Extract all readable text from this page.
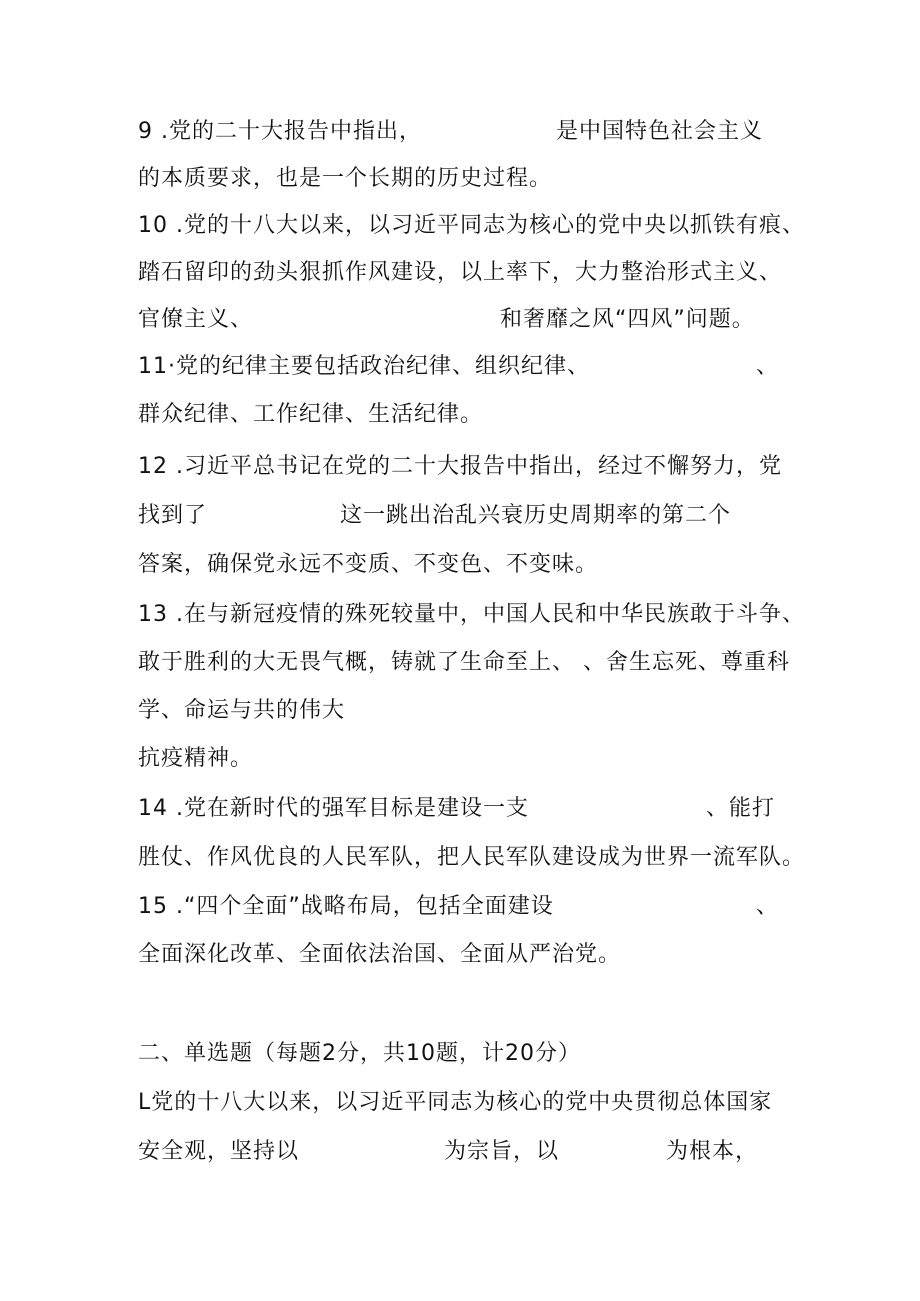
9 .党的二十大报告中指出，	是中国特色社会主义
的本质要求，也是一个长期的历史过程。
10 .党的十八大以来，以习近平同志为核心的党中央以抓铁有痕、
踏石留印的劲头狠抓作风建设，以上率下，大力整治形式主义、
官僚主义、	和奢靡之风“四风”问题。
11·党的纪律主要包括政治纪律、组织纪律、	、
群众纪律、工作纪律、生活纪律。
12 .习近平总书记在党的二十大报告中指出，经过不懈努力，党
找到了	这一跳出治乱兴衰历史周期率的第二个
答案，确保党永远不变质、不变色、不变味。
13 .在与新冠疫情的殊死较量中，中国人民和中华民族敢于斗争、
敢于胜利的大无畏气概，铸就了生命至上、 、舍生忘死、尊重科
学、命运与共的伟大
抗疫精神。
14 .党在新时代的强军目标是建设一支	、能打
胜仗、作风优良的人民军队，把人民军队建设成为世界一流军队。
15 .“四个全面”战略布局，包括全面建设	、
全面深化改革、全面依法治国、全面从严治党。
二、单选题（每题2分，共10题，计20分）
L党的十八大以来，以习近平同志为核心的党中央贯彻总体国家
安全观，坚持以	为宗旨，以	为根本，
